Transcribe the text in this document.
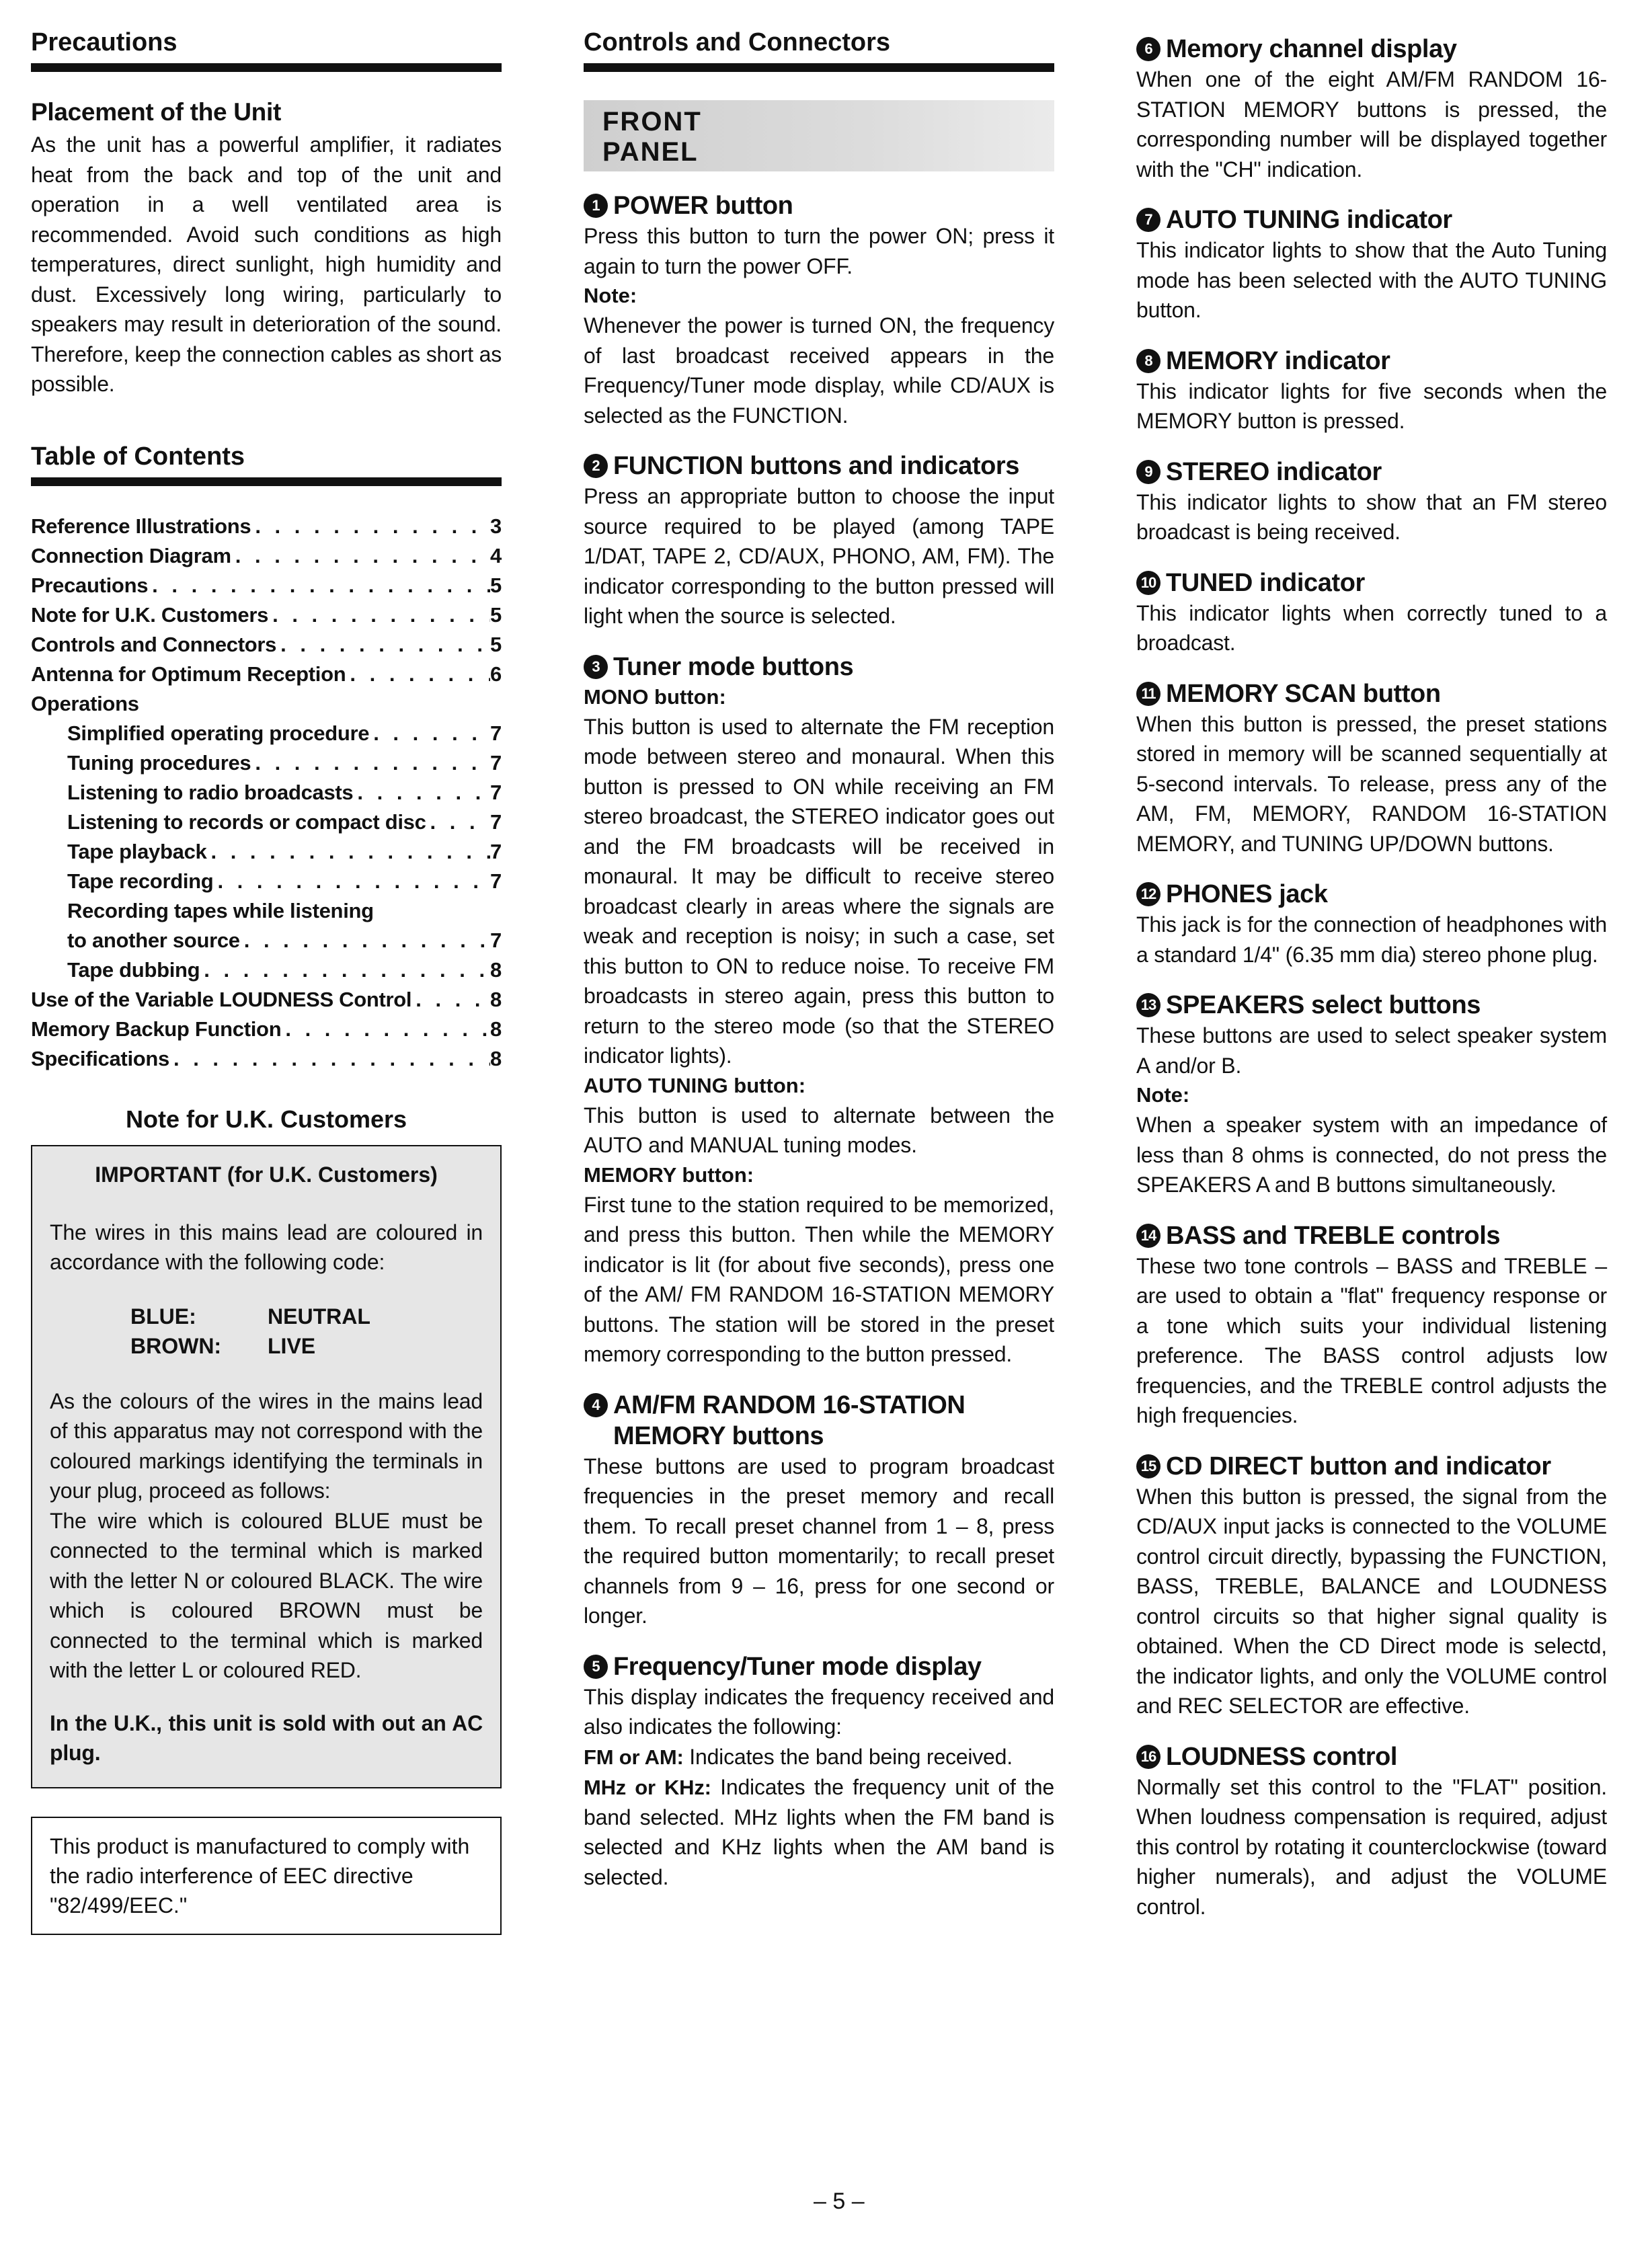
Precautions
Placement of the Unit

As the unit has a powerful amplifier, it radiates heat from the back and top of the unit and operation in a well ventilated area is recommended. Avoid such conditions as high temperatures, direct sunlight, high humidity and dust. Excessively long wiring, particularly to speakers may result in deterioration of the sound. Therefore, keep the connection cables as short as possible.

Table of Contents
Reference Illustrations . . .	3
Connection Diagram . . .	4
Precautions . . .	5
Note for U.K. Customers . . .	5
Controls and Connectors . . .	5
Antenna for Optimum Reception . . .	6
Operations
Simplified operating procedure . . .	7
Tuning procedures . . .	7
Listening to radio broadcasts . . .	7
Listening to records or compact disc . . .	7
Tape playback . . .	7
Tape recording . . .	7
Recording tapes while listening
to another source . . .	7
Tape dubbing . . .	8
Use of the Variable LOUDNESS Control . . .	8
Memory Backup Function . . .	8
Specifications . . .	8
Note for U.K. Customers
IMPORTANT (for U.K. Customers)

The wires in this mains lead are coloured in accordance with the following code:

BLUE:	NEUTRAL
BROWN:	LIVE

As the colours of the wires in the mains lead of this apparatus may not correspond with the coloured markings identifying the terminals in your plug, proceed as follows:

The wire which is coloured BLUE must be connected to the terminal which is marked with the letter N or coloured BLACK. The wire which is coloured BROWN must be connected to the terminal which is marked with the letter L or coloured RED.

In the U.K., this unit is sold with out an AC plug.

This product is manufactured to comply with the radio interference of EEC directive "82/499/EEC."

Controls and Connectors
FRONT PANEL
1 POWER button

Press this button to turn the power ON; press it again to turn the power OFF.

Note:

Whenever the power is turned ON, the frequency of last broadcast received appears in the Frequency/Tuner mode display, while CD/AUX is selected as the FUNCTION.

2 FUNCTION buttons and indicators

Press an appropriate button to choose the input source required to be played (among TAPE 1/DAT, TAPE 2, CD/AUX, PHONO, AM, FM). The indicator corresponding to the button pressed will light when the source is selected.

3 Tuner mode buttons
MONO button:

This button is used to alternate the FM reception mode between stereo and monaural. When this button is pressed to ON while receiving an FM stereo broadcast, the STEREO indicator goes out and the FM broadcasts will be received in monaural. It may be difficult to receive stereo broadcast clearly in areas where the signals are weak and reception is noisy; in such a case, set this button to ON to reduce noise. To receive FM broadcasts in stereo again, press this button to return to the stereo mode (so that the STEREO indicator lights).

AUTO TUNING button:

This button is used to alternate between the AUTO and MANUAL tuning modes.

MEMORY button:

First tune to the station required to be memorized, and press this button. Then while the MEMORY indicator is lit (for about five seconds), press one of the AM/ FM RANDOM 16-STATION MEMORY buttons. The station will be stored in the preset memory corresponding to the button pressed.

4 AM/FM RANDOM 16-STATION MEMORY buttons

These buttons are used to program broadcast frequencies in the preset memory and recall them. To recall preset channel from 1 – 8, press the required button momentarily; to recall preset channels from 9 – 16, press for one second or longer.

5 Frequency/Tuner mode display

This display indicates the frequency received and also indicates the following:

FM or AM: Indicates the band being received.

MHz or KHz: Indicates the frequency unit of the band selected. MHz lights when the FM band is selected and KHz lights when the AM band is selected.

6 Memory channel display

When one of the eight AM/FM RANDOM 16-STATION MEMORY buttons is pressed, the corresponding number will be displayed together with the "CH" indication.

7 AUTO TUNING indicator

This indicator lights to show that the Auto Tuning mode has been selected with the AUTO TUNING button.

8 MEMORY indicator

This indicator lights for five seconds when the MEMORY button is pressed.

9 STEREO indicator

This indicator lights to show that an FM stereo broadcast is being received.

10 TUNED indicator

This indicator lights when correctly tuned to a broadcast.

11 MEMORY SCAN button

When this button is pressed, the preset stations stored in memory will be scanned sequentially at 5-second intervals. To release, press any of the AM, FM, MEMORY, RANDOM 16-STATION MEMORY, and TUNING UP/DOWN buttons.

12 PHONES jack

This jack is for the connection of headphones with a standard 1/4" (6.35 mm dia) stereo phone plug.

13 SPEAKERS select buttons

These buttons are used to select speaker system A and/or B.

Note:

When a speaker system with an impedance of less than 8 ohms is connected, do not press the SPEAKERS A and B buttons simultaneously.

14 BASS and TREBLE controls

These two tone controls – BASS and TREBLE – are used to obtain a "flat" frequency response or a tone which suits your individual listening preference. The BASS control adjusts low frequencies, and the TREBLE control adjusts the high frequencies.

15 CD DIRECT button and indicator

When this button is pressed, the signal from the CD/AUX input jacks is connected to the VOLUME control circuit directly, bypassing the FUNCTION, BASS, TREBLE, BALANCE and LOUDNESS control circuits so that higher signal quality is obtained. When the CD Direct mode is selectd, the indicator lights, and only the VOLUME control and REC SELECTOR are effective.

16 LOUDNESS control

Normally set this control to the "FLAT" position. When loudness compensation is required, adjust this control by rotating it counterclockwise (toward higher numerals), and adjust the VOLUME control.

– 5 –
